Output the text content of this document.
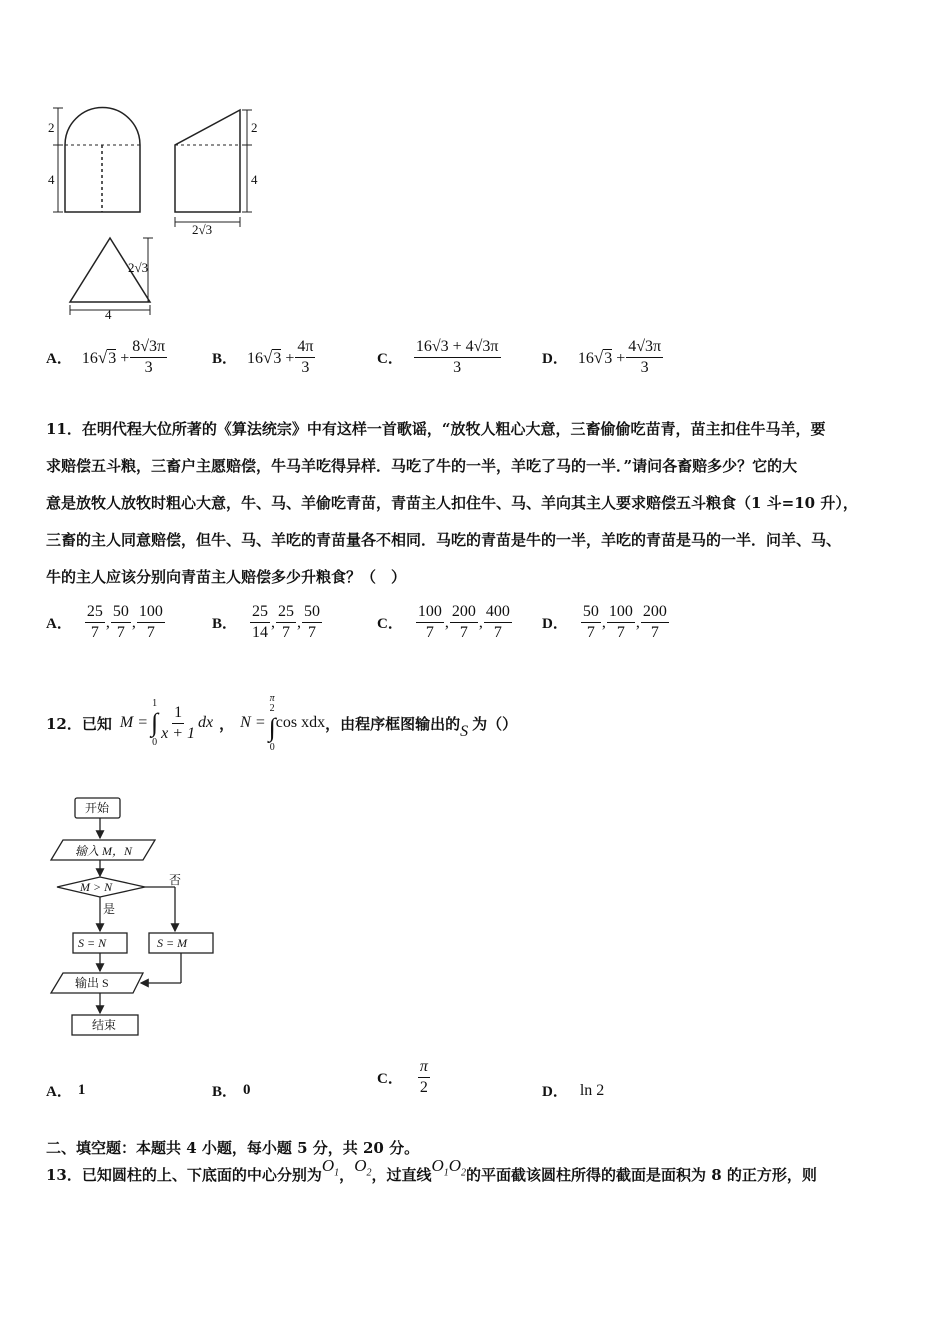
2
4
2
4
2√3
2√3
4
A． $16√3 + \frac{8√3\pi}{3}$	B． $16√3 + \frac{4\pi}{3}$	C． $\frac{16√3 + 4√3\pi}{3}$	D． $16√3 + \frac{4√3\pi}{3}$
11．在明代程大位所著的《算法统宗》中有这样一首歌谣，“放牧人粗心大意，三畜偷偷吃苗青，苗主扣住牛马羊，要
求赔偿五斗粮，三畜户主愿赔偿，牛马羊吃得异样．马吃了牛的一半，羊吃了马的一半．”请问各畜赔多少？它的大
意是放牧人放牧时粗心大意，牛、马、羊偷吃青苗，青苗主人扣住牛、马、羊向其主人要求赔偿五斗粮食（1 斗=10 升），
三畜的主人同意赔偿，但牛、马、羊吃的青苗量各不相同．马吃的青苗是牛的一半，羊吃的青苗是马的一半．问羊、马、
牛的主人应该分别向青苗主人赔偿多少升粮食？（　）
A． $\frac{25}{7}$ , $\frac{50}{7}$ , $\frac{100}{7}$	B． $\frac{25}{14}$ , $\frac{25}{7}$ , $\frac{50}{7}$	C． $\frac{100}{7}$ , $\frac{200}{7}$ , $\frac{400}{7}$ D． $\frac{50}{7}$ , $\frac{100}{7}$ , $\frac{200}{7}$
12．已知 M =
1
∫
$0 \frac{1}{x + 1}$ dx ， N =
π
2
∫
0
cos xdx ，由程序框图输出的 S 为（）
开始
输入 M，N
M > N	否
是
S = N	S = M
输出 S
结束
A． 1	B． 0
C． $\frac{\pi}{2}$	D． ln 2
二、填空题：本题共 4 小题，每小题 5 分，共 20 分。
13．已知圆柱的上、下底面的中心分别为 $O_1$ ， $O_2$ ，过直线 $O_1O_2$ 的平面截该圆柱所得的截面是面积为 8 的正方形，则
